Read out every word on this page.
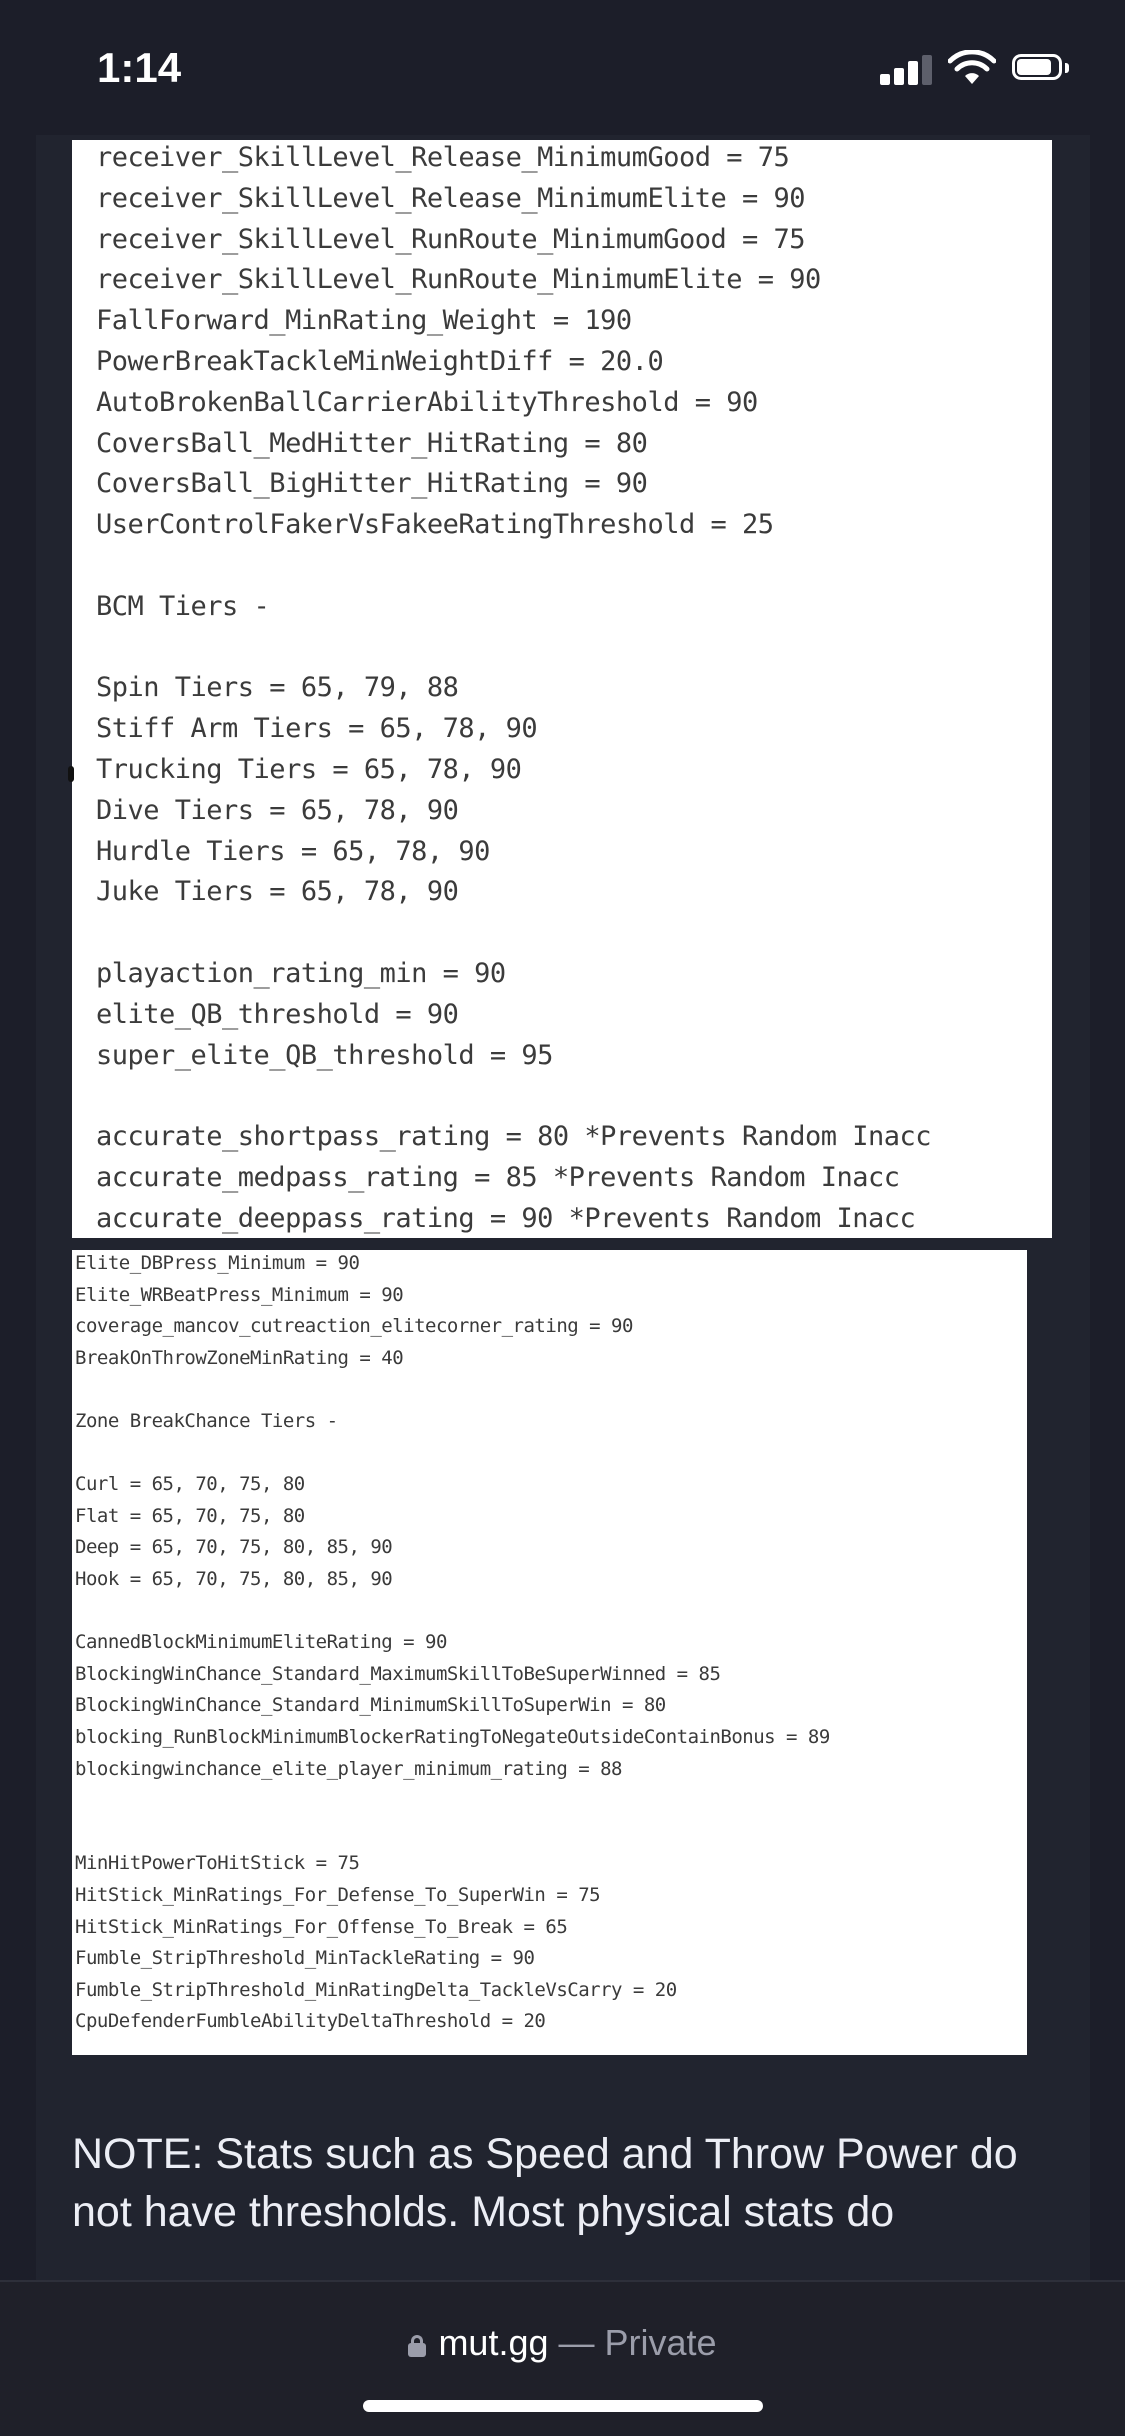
1:14
receiver_SkillLevel_Release_MinimumGood = 75
receiver_SkillLevel_Release_MinimumElite = 90
receiver_SkillLevel_RunRoute_MinimumGood = 75
receiver_SkillLevel_RunRoute_MinimumElite = 90
FallForward_MinRating_Weight = 190
PowerBreakTackleMinWeightDiff = 20.0
AutoBrokenBallCarrierAbilityThreshold = 90
CoversBall_MedHitter_HitRating = 80
CoversBall_BigHitter_HitRating = 90
UserControlFakerVsFakeeRatingThreshold = 25
BCM Tiers -
Spin Tiers = 65, 79, 88
Stiff Arm Tiers = 65, 78, 90
Trucking Tiers = 65, 78, 90
Dive Tiers = 65, 78, 90
Hurdle Tiers = 65, 78, 90
Juke Tiers = 65, 78, 90
playaction_rating_min = 90
elite_QB_threshold = 90
super_elite_QB_threshold = 95
accurate_shortpass_rating = 80 *Prevents Random Inacc
accurate_medpass_rating = 85 *Prevents Random Inacc
accurate_deeppass_rating = 90 *Prevents Random Inacc
Elite_DBPress_Minimum = 90
Elite_WRBeatPress_Minimum = 90
coverage_mancov_cutreaction_elitecorner_rating = 90
BreakOnThrowZoneMinRating = 40
Zone BreakChance Tiers -
Curl = 65, 70, 75, 80
Flat = 65, 70, 75, 80
Deep = 65, 70, 75, 80, 85, 90
Hook = 65, 70, 75, 80, 85, 90
CannedBlockMinimumEliteRating = 90
BlockingWinChance_Standard_MaximumSkillToBeSuperWinned = 85
BlockingWinChance_Standard_MinimumSkillToSuperWin = 80
blocking_RunBlockMinimumBlockerRatingToNegateOutsideContainBonus = 89
blockingwinchance_elite_player_minimum_rating = 88
MinHitPowerToHitStick = 75
HitStick_MinRatings_For_Defense_To_SuperWin = 75
HitStick_MinRatings_For_Offense_To_Break = 65
Fumble_StripThreshold_MinTackleRating = 90
Fumble_StripThreshold_MinRatingDelta_TackleVsCarry = 20
CpuDefenderFumbleAbilityDeltaThreshold = 20
NOTE: Stats such as Speed and Throw Power do not have thresholds. Most physical stats do
mut.gg — Private
